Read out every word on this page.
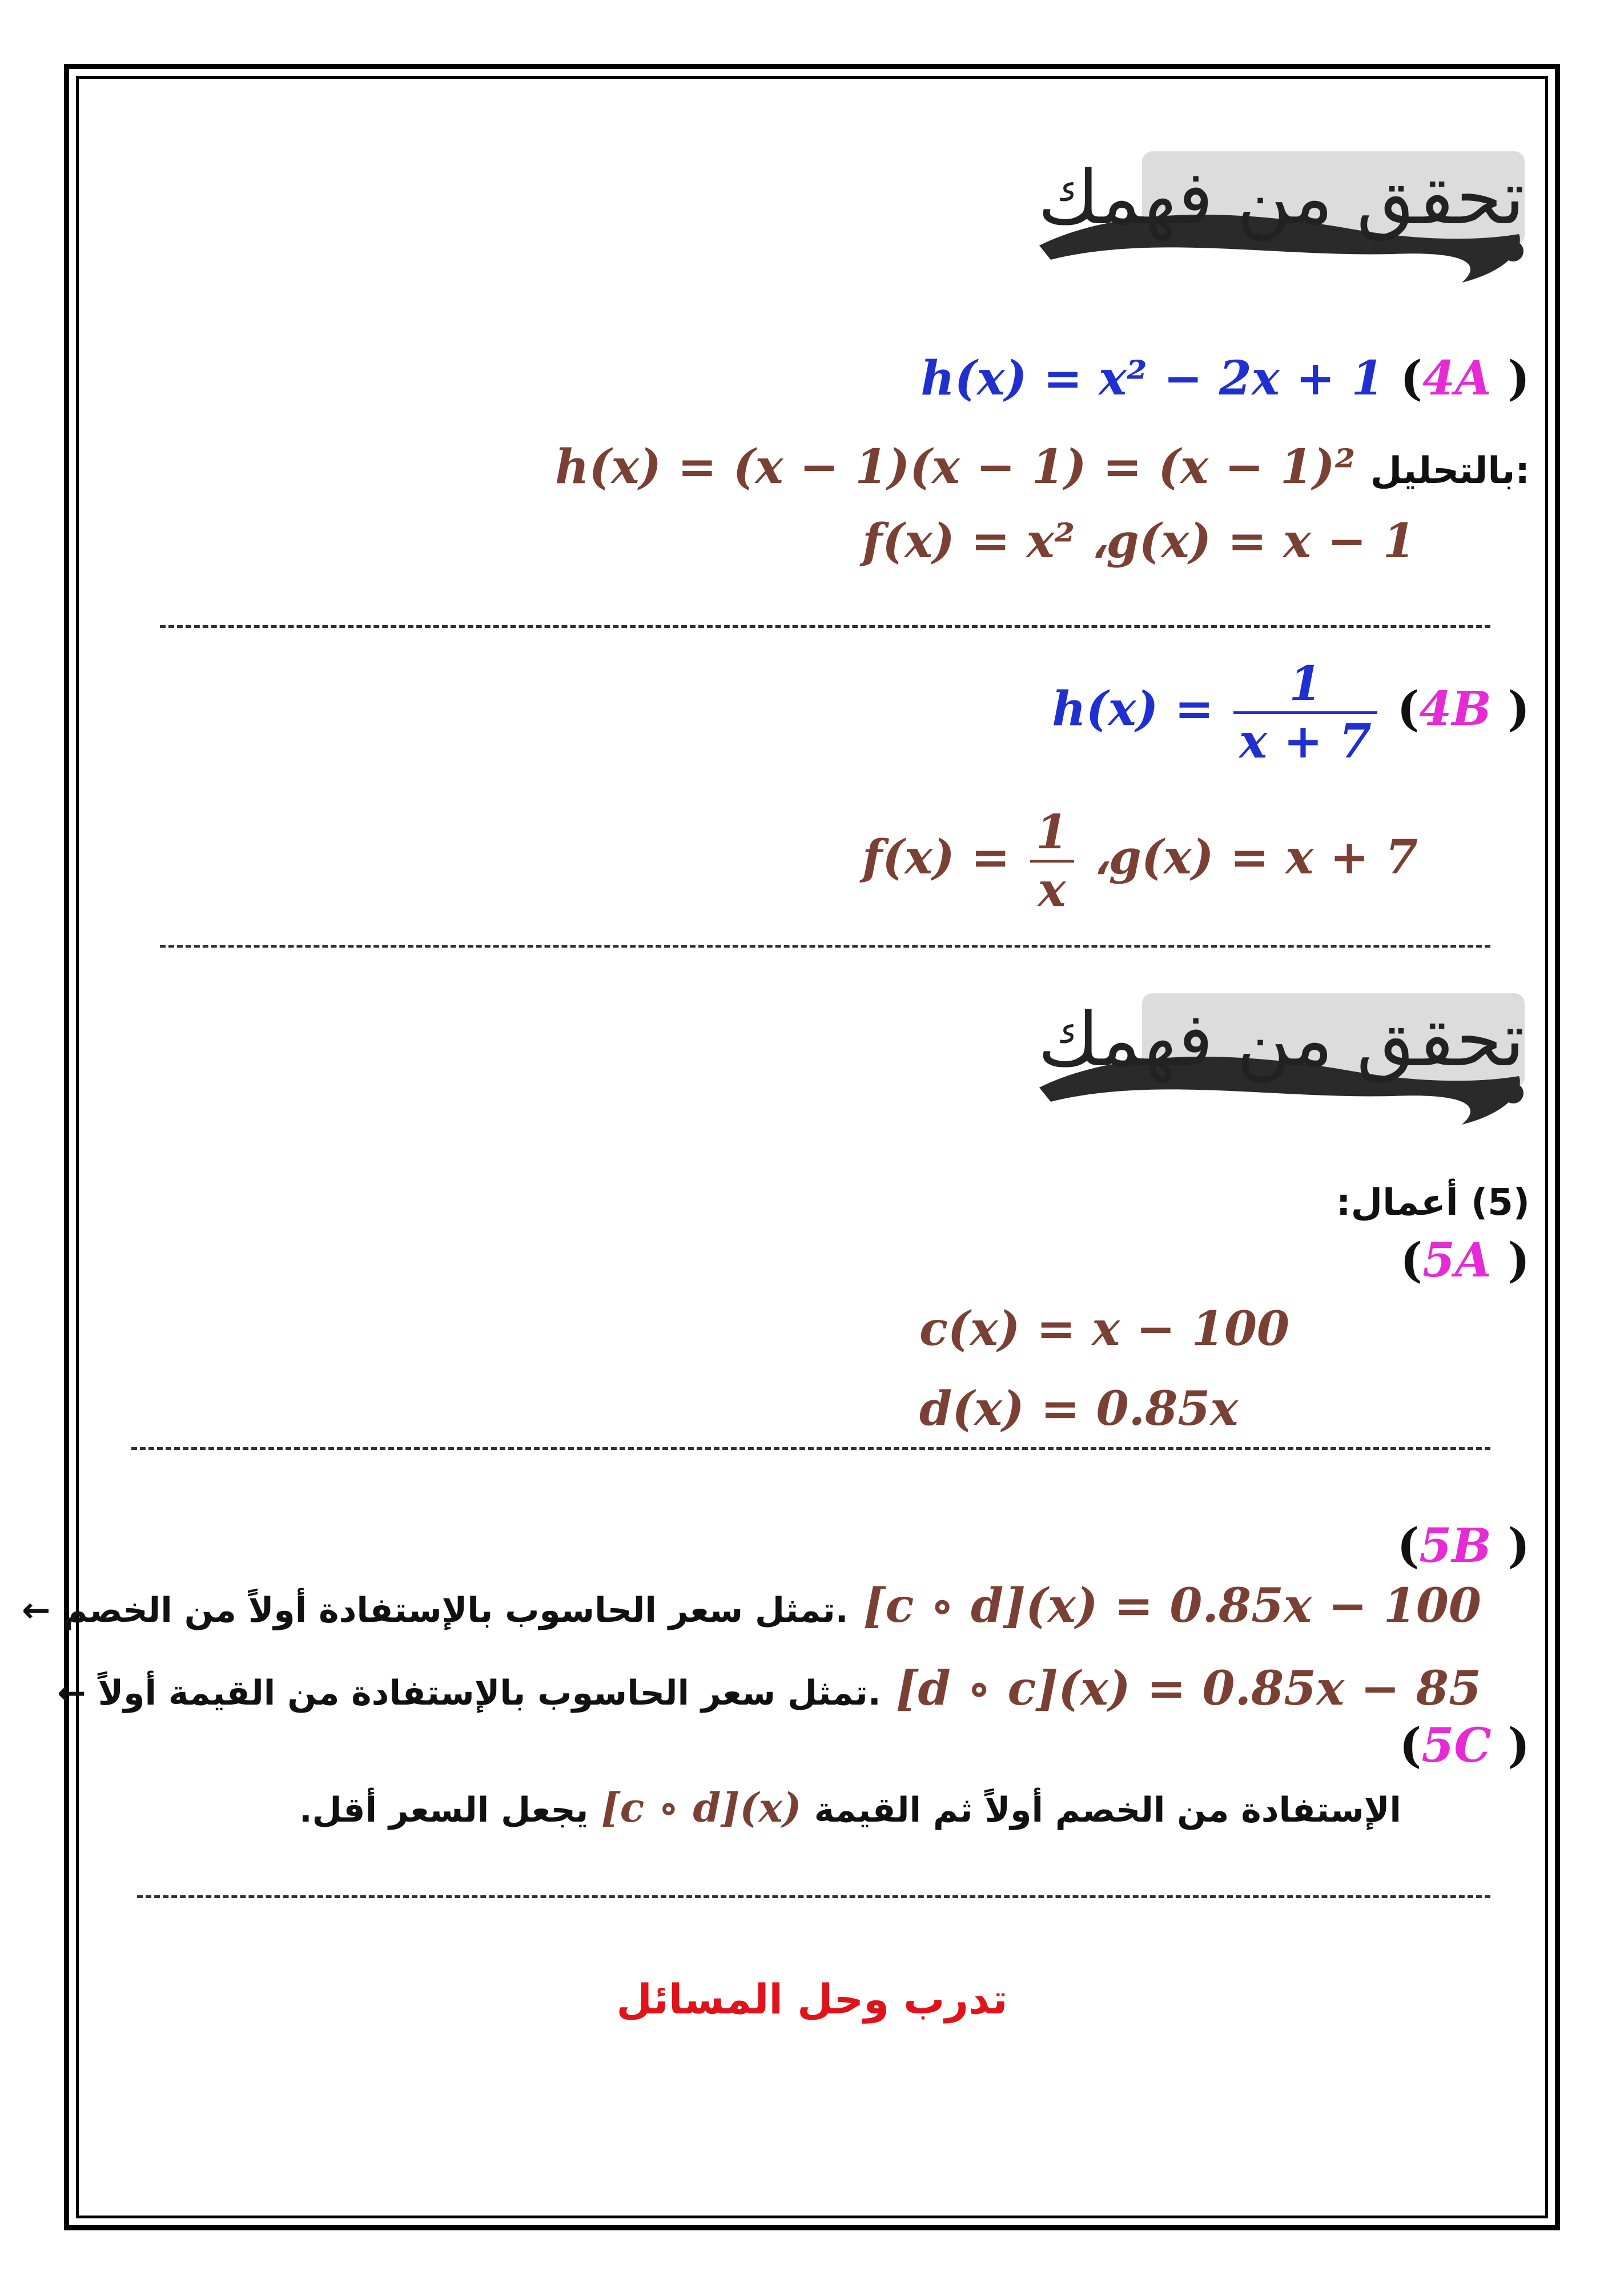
تحقق من فهمك
h(x) = x² − 2x + 1 (4A )
h(x) = (x − 1)(x − 1) = (x − 1)² بالتحليل:
f(x) = x² ،g(x) = x − 1
$h(x) = \frac{1}{x + 7} (4B$ )
$f(x) = \frac{1}{x}$ ،g(x) = x + 7
تحقق من فهمك
(5) أعمال:
(5A )
c(x) = x − 100
d(x) = 0.85x
(5B )
← تمثل سعر الحاسوب بالإستفادة أولاً من الخصم. [c ∘ d](x) = 0.85x − 100
← تمثل سعر الحاسوب بالإستفادة من القيمة أولاً. [d ∘ c](x) = 0.85x − 85
(5C )
الإستفادة من الخصم أولاً ثم القيمة [c ∘ d](x) يجعل السعر أقل.
تدرب وحل المسائل
